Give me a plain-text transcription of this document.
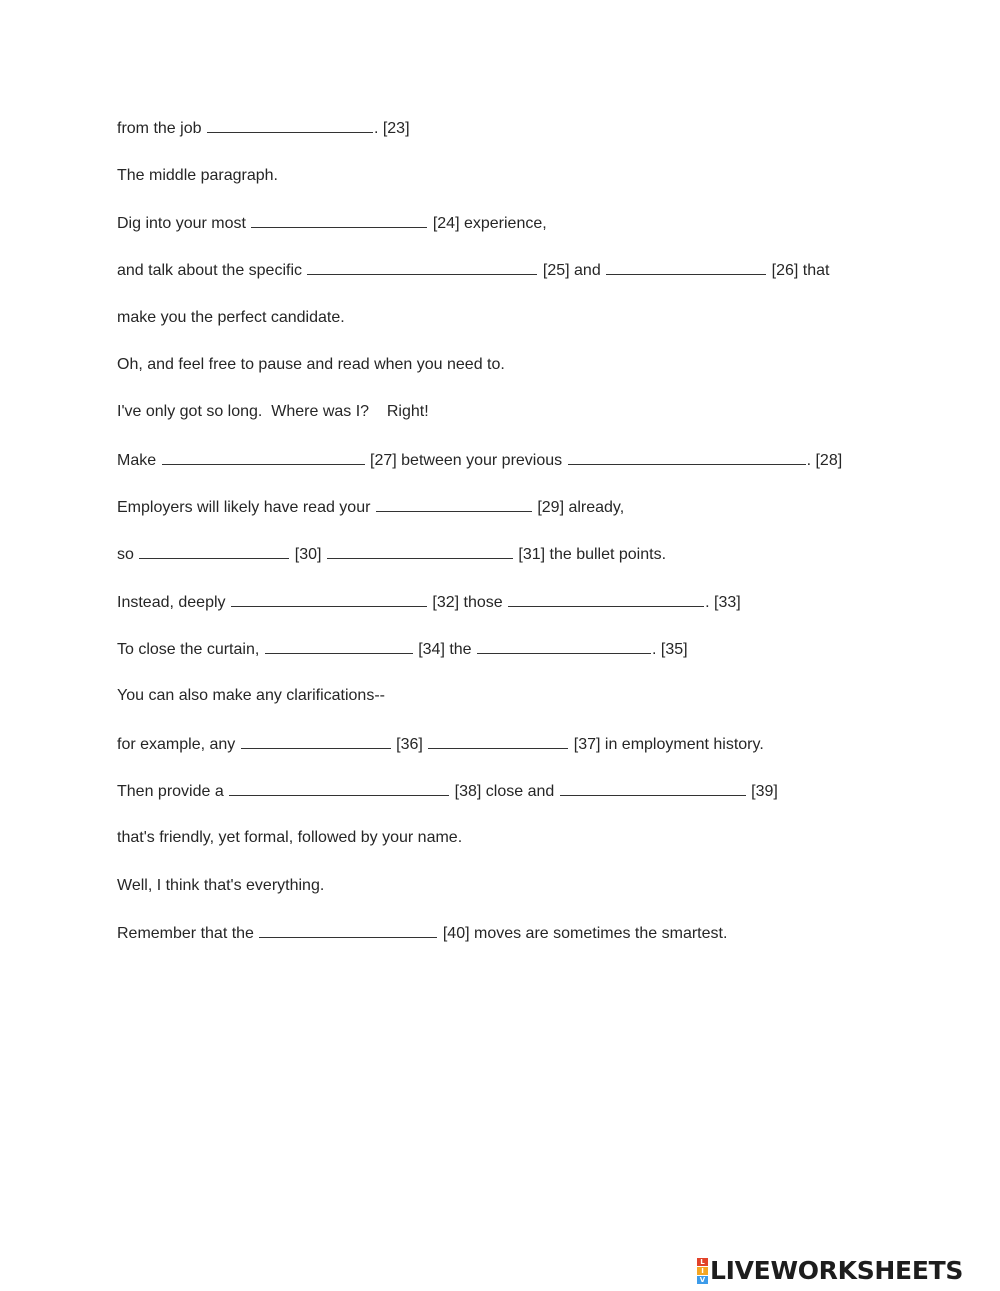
from the job	. [23]

The middle paragraph.

Dig into your most	[24] experience,

and talk about the specific	[25] and	[26] that

make you the perfect candidate.

Oh, and feel free to pause and read when you need to.

I've only got so long.  Where was I?    Right!

Make	[27] between your previous	. [28]

Employers will likely have read your	[29] already,

so	[30]	[31] the bullet points.

Instead, deeply	[32] those	. [33]

To close the curtain,	[34] the	. [35]

You can also make any clarifications--

for example, any	[36]	[37] in employment history.

Then provide a	[38] close and	[39]

that's friendly, yet formal, followed by your name.

Well, I think that's everything.

Remember that the	[40] moves are sometimes the smartest.

L
I
V LIVEWORKSHEETS
